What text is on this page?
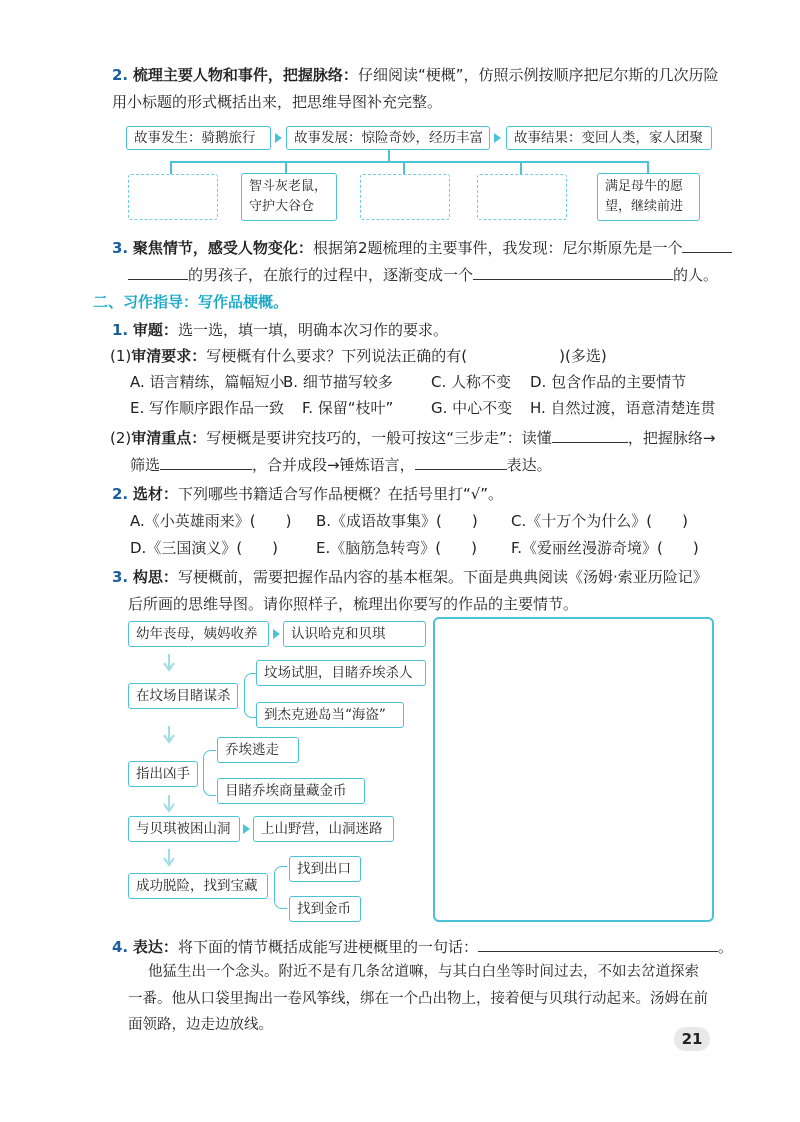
2. 梳理主要人物和事件，把握脉络：仔细阅读“梗概”，仿照示例按顺序把尼尔斯的几次历险
用小标题的形式概括出来，把思维导图补充完整。
故事发生：骑鹅旅行	故事发展：惊险奇妙，经历丰富	故事结果：变回人类，家人团聚
智斗灰老鼠，
守护大谷仓
满足母牛的愿
望，继续前进
3. 聚焦情节，感受人物变化：根据第2题梳理的主要事件，我发现：尼尔斯原先是一个
的男孩子，在旅行的过程中，逐渐变成一个	的人。
二、习作指导：写作品梗概。
1. 审题：选一选，填一填，明确本次习作的要求。
(1)审清要求：写梗概有什么要求？下列说法正确的有(	)(多选)
A. 语言精练，篇幅短小
B. 细节描写较多	C. 人称不变 D. 包含作品的主要情节
E. 写作顺序跟作品一致 F. 保留“枝叶”	G. 中心不变 H. 自然过渡，语意清楚连贯
(2)审清重点：写梗概是要讲究技巧的，一般可按这“三步走”：读懂	，把握脉络→
筛选	，合并成段→锤炼语言，	表达。
2. 选材：下列哪些书籍适合写作品梗概？在括号里打“√”。
A.《小英雄雨来》(　　) B.《成语故事集》(　　) C.《十万个为什么》(　　)
D.《三国演义》(　　)	E.《脑筋急转弯》(　　) F.《爱丽丝漫游奇境》(　　)
3. 构思：写梗概前，需要把握作品内容的基本框架。下面是典典阅读《汤姆·索亚历险记》
后所画的思维导图。请你照样子，梳理出你要写的作品的主要情节。
幼年丧母，姨妈收养	认识哈克和贝琪
在坟场目睹谋杀
坟场试胆，目睹乔埃杀人
到杰克逊岛当“海盗”
指出凶手
乔埃逃走
目睹乔埃商量藏金币
与贝琪被困山洞	上山野营，山洞迷路
成功脱险，找到宝藏
找到出口
找到金币
4. 表达：将下面的情节概括成能写进梗概里的一句话：	。
他猛生出一个念头。附近不是有几条岔道嘛，与其白白坐等时间过去，不如去岔道探索
一番。他从口袋里掏出一卷风筝线，绑在一个凸出物上，接着便与贝琪行动起来。汤姆在前
面领路，边走边放线。
21
